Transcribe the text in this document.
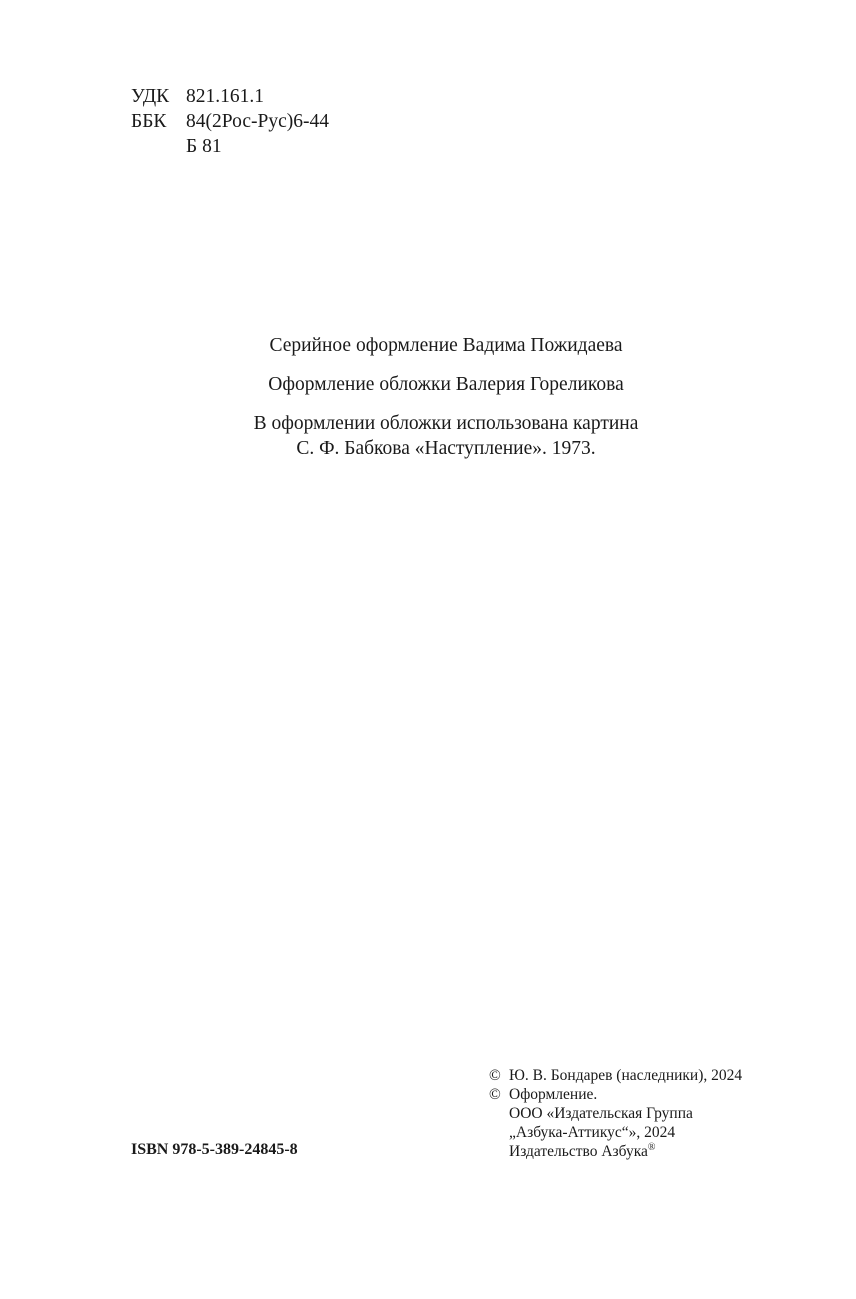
УДК 821.161.1
ББК	84(2Рос-Рус)6-44
Б 81

Серийное оформление Вадима Пожидаева

Оформление обложки Валерия Гореликова

В оформлении обложки использована картина
С. Ф. Бабкова «Наступление». 1973.

© Ю. В. Бондарев (наследники), 2024
© Оформление.
ООО «Издательская Группа
„Азбука-Аттикус“», 2024
Издательство Азбука®
ISBN 978-5-389-24845-8
